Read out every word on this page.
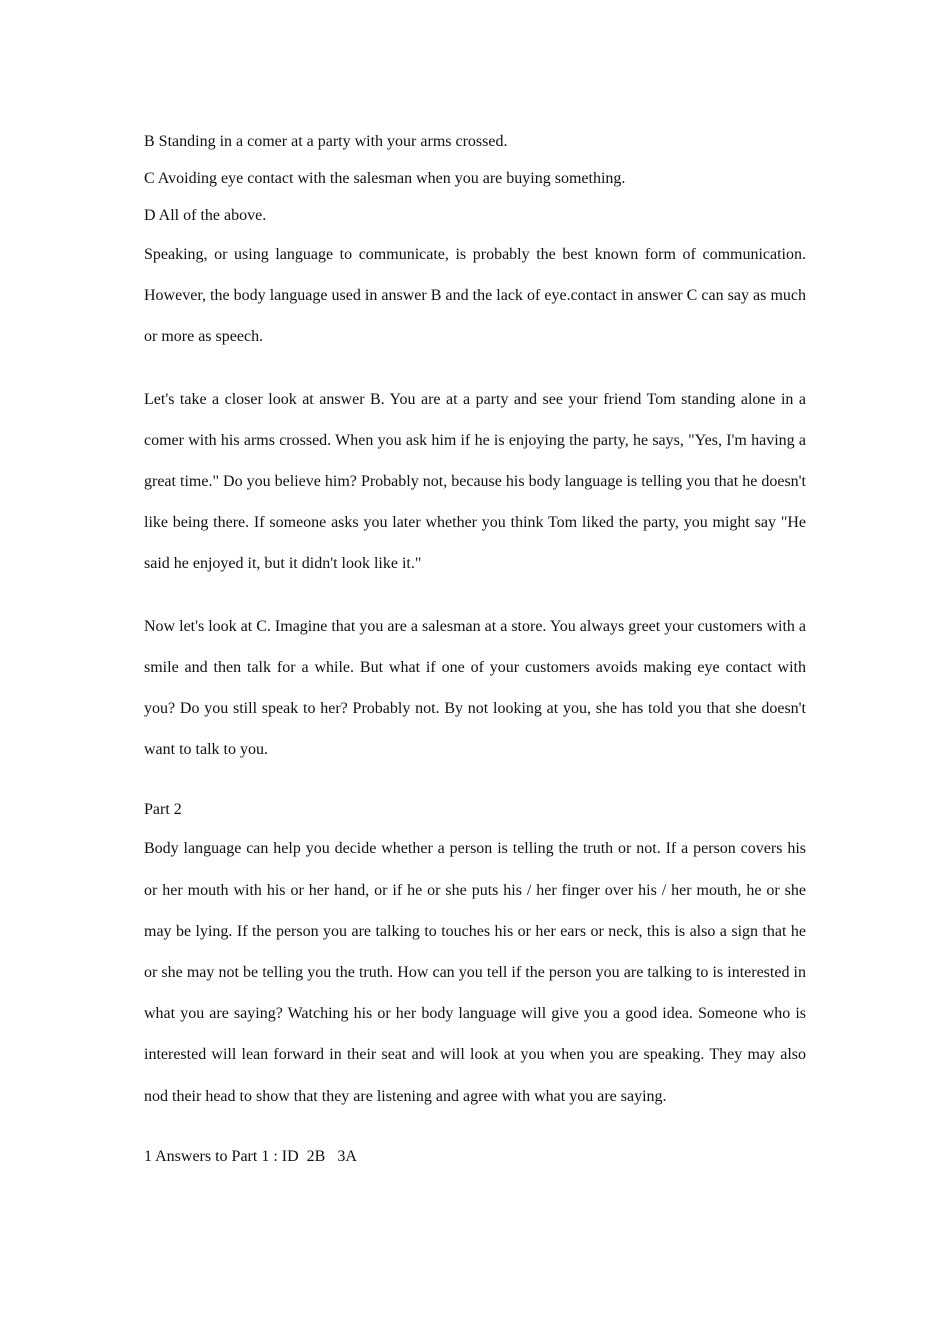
B Standing in a comer at a party with your arms crossed.

C Avoiding eye contact with the salesman when you are buying something.

D All of the above.

Speaking, or using language to communicate, is probably the best known form of communication. However, the body language used in answer B and the lack of eye.contact in answer C can say as much or more as speech.

Let's take a closer look at answer B. You are at a party and see your friend Tom standing alone in a comer with his arms crossed. When you ask him if he is enjoying the party, he says, "Yes, I'm having a great time." Do you believe him? Probably not, because his body language is telling you that he doesn't like being there. If someone asks you later whether you think Tom liked the party, you might say "He said he enjoyed it, but it didn't look like it."

Now let's look at C. Imagine that you are a salesman at a store. You always greet your customers with a smile and then talk for a while. But what if one of your customers avoids making eye contact with you? Do you still speak to her? Probably not. By not looking at you, she has told you that she doesn't want to talk to you.

Part 2

Body language can help you decide whether a person is telling the truth or not. If a person covers his or her mouth with his or her hand, or if he or she puts his / her finger over his / her mouth, he or she may be lying. If the person you are talking to touches his or her ears or neck, this is also a sign that he or she may not be telling you the truth. How can you tell if the person you are talking to is interested in what you are saying? Watching his or her body language will give you a good idea. Someone who is interested will lean forward in their seat and will look at you when you are speaking. They may also nod their head to show that they are listening and agree with what you are saying.

1 Answers to Part 1 : ID  2B   3A
